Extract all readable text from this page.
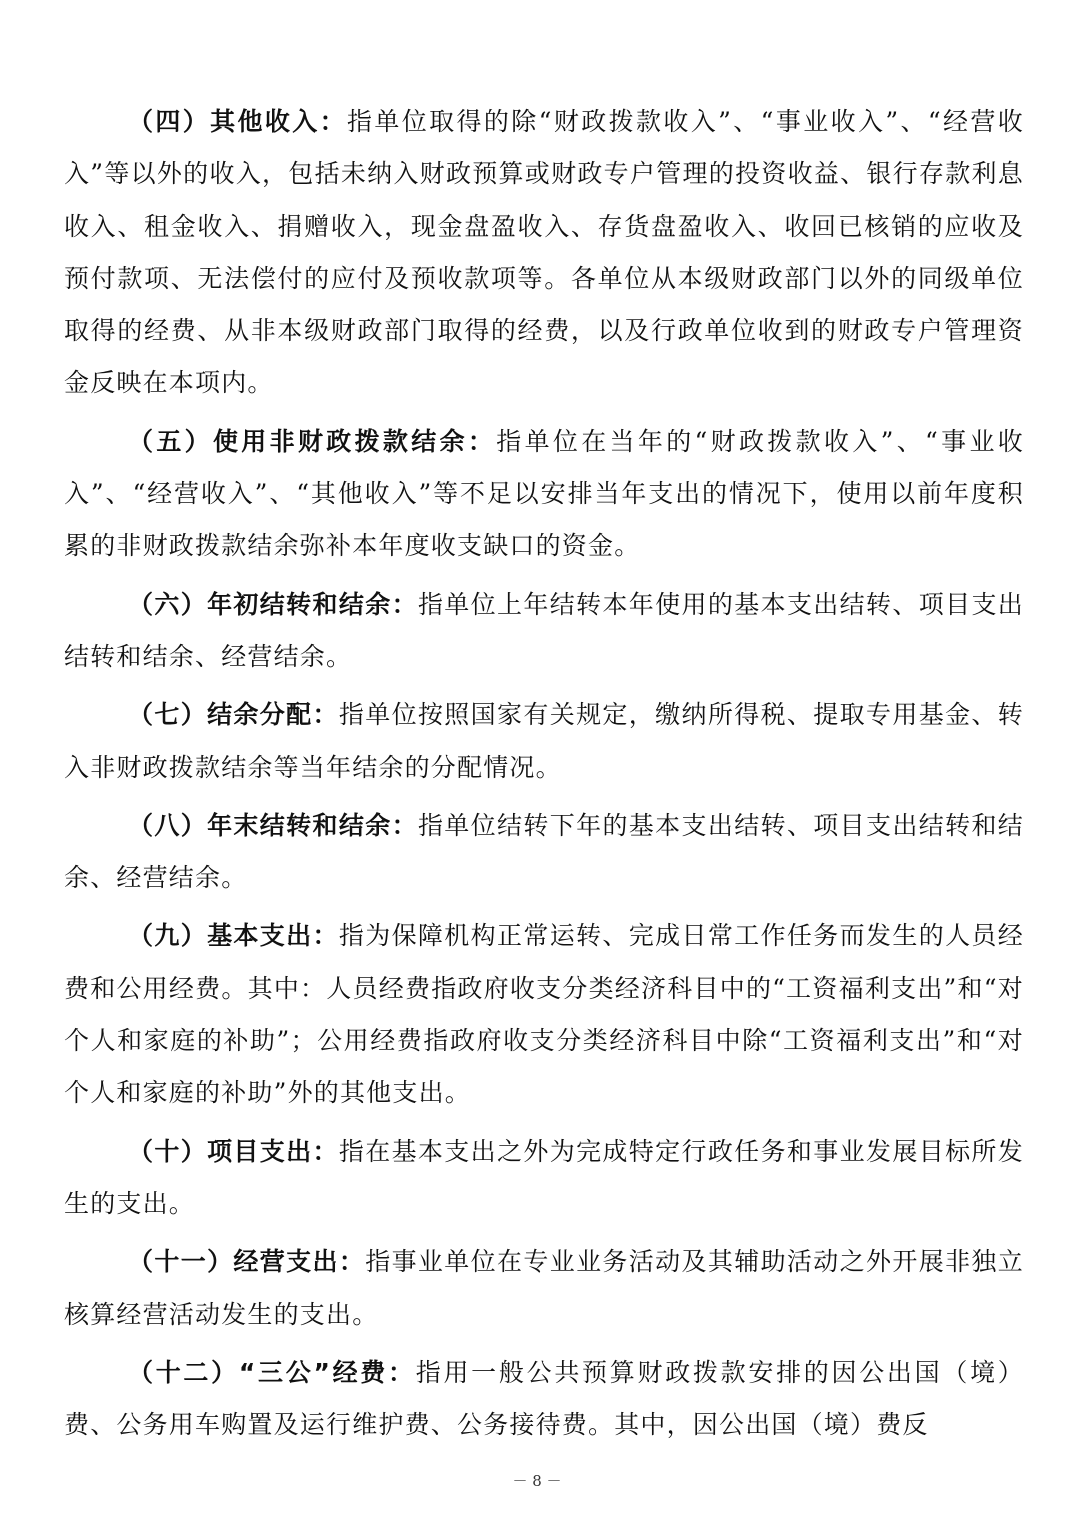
（四）其他收入：指单位取得的除“财政拨款收入”、“事业收入”、“经营收入”等以外的收入，包括未纳入财政预算或财政专户管理的投资收益、银行存款利息收入、租金收入、捐赠收入，现金盘盈收入、存货盘盈收入、收回已核销的应收及预付款项、无法偿付的应付及预收款项等。各单位从本级财政部门以外的同级单位取得的经费、从非本级财政部门取得的经费，以及行政单位收到的财政专户管理资金反映在本项内。

（五）使用非财政拨款结余：指单位在当年的“财政拨款收入”、“事业收入”、“经营收入”、“其他收入”等不足以安排当年支出的情况下，使用以前年度积累的非财政拨款结余弥补本年度收支缺口的资金。

（六）年初结转和结余：指单位上年结转本年使用的基本支出结转、项目支出结转和结余、经营结余。

（七）结余分配：指单位按照国家有关规定，缴纳所得税、提取专用基金、转入非财政拨款结余等当年结余的分配情况。

（八）年末结转和结余：指单位结转下年的基本支出结转、项目支出结转和结余、经营结余。

（九）基本支出：指为保障机构正常运转、完成日常工作任务而发生的人员经费和公用经费。其中：人员经费指政府收支分类经济科目中的“工资福利支出”和“对个人和家庭的补助”；公用经费指政府收支分类经济科目中除“工资福利支出”和“对个人和家庭的补助”外的其他支出。

（十）项目支出：指在基本支出之外为完成特定行政任务和事业发展目标所发生的支出。

（十一）经营支出：指事业单位在专业业务活动及其辅助活动之外开展非独立核算经营活动发生的支出。

（十二）“三公”经费：指用一般公共预算财政拨款安排的因公出国（境）费、公务用车购置及运行维护费、公务接待费。其中，因公出国（境）费反

－ 8 －
